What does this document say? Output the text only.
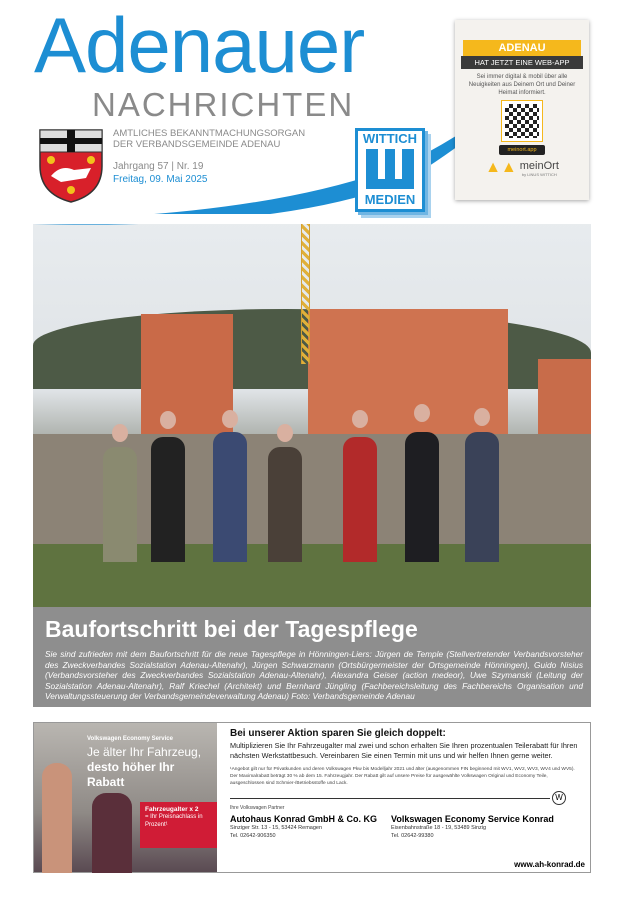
Adenauer
NACHRICHTEN
AMTLICHES BEKANNTMACHUNGSORGAN
DER VERBANDSGEMEINDE ADENAU
Jahrgang 57 | Nr. 19
Freitag, 09. Mai 2025
WITTICH
MEDIEN
ADENAU
HAT JETZT EINE WEB-APP
Sei immer digital & mobil über alle Neuigkeiten aus Deinem Ort und Deiner Heimat informiert.
meinort.app
▲▲ meinOrt
by LINUS WITTICH
Baufortschritt bei der Tagespflege
Sie sind zufrieden mit dem Baufortschritt für die neue Tagespflege in Hönningen-Liers: Jürgen de Temple (Stellvertretender Verbandsvorsteher des Zweckverbandes Sozialstation Adenau-Altenahr), Jürgen Schwarzmann (Ortsbürgermeister der Ortsgemeinde Hönningen), Guido Nisius (Verbandsvorsteher des Zweckverbandes Sozialstation Adenau-Altenahr), Alexandra Geiser (action medeor), Uwe Szymanski (Leitung der Sozialstation Adenau-Altenahr), Ralf Kriechel (Architekt) und Bernhard Jüngling (Fachbereichsleitung des Fachbereichs Organisation und Verwaltungssteuerung der Verbandsgemeindeverwaltung Adenau) Foto: Verbandsgemeinde Adenau
Volkswagen Economy Service
Je älter Ihr Fahrzeug,
desto höher Ihr Rabatt
Fahrzeugalter x 2
= Ihr Preisnachlass in Prozent¹
Bei unserer Aktion sparen Sie gleich doppelt:
Multiplizieren Sie Ihr Fahrzeugalter mal zwei und schon erhalten Sie Ihren prozentualen Teilerabatt für Ihren nächsten Werkstattbesuch. Vereinbaren Sie einen Termin mit uns und wir helfen Ihnen gerne weiter.
¹Angebot gilt nur für Privatkunden und deren Volkswagen Pkw bis Modelljahr 2021 und älter (ausgenommen FIN beginnend mit WV1, WV2, WV3, WV4 und WV5). Der Maximalrabatt beträgt 30 % ab dem 15. Fahrzeugjahr. Der Rabatt gilt auf unsere Preise für ausgewählte Volkswagen Original und Economy Teile, ausgeschlossen sind Schmier-/Betriebsstoffe und Lack.
W
Ihre Volkswagen Partner
Autohaus Konrad GmbH & Co. KG
Sinziger Str. 13 - 15, 53424 Remagen
Tel. 02642-906350
Volkswagen Economy Service Konrad
Eisenbahnstraße 18 - 19, 53489 Sinzig
Tel. 02642-99380
www.ah-konrad.de
